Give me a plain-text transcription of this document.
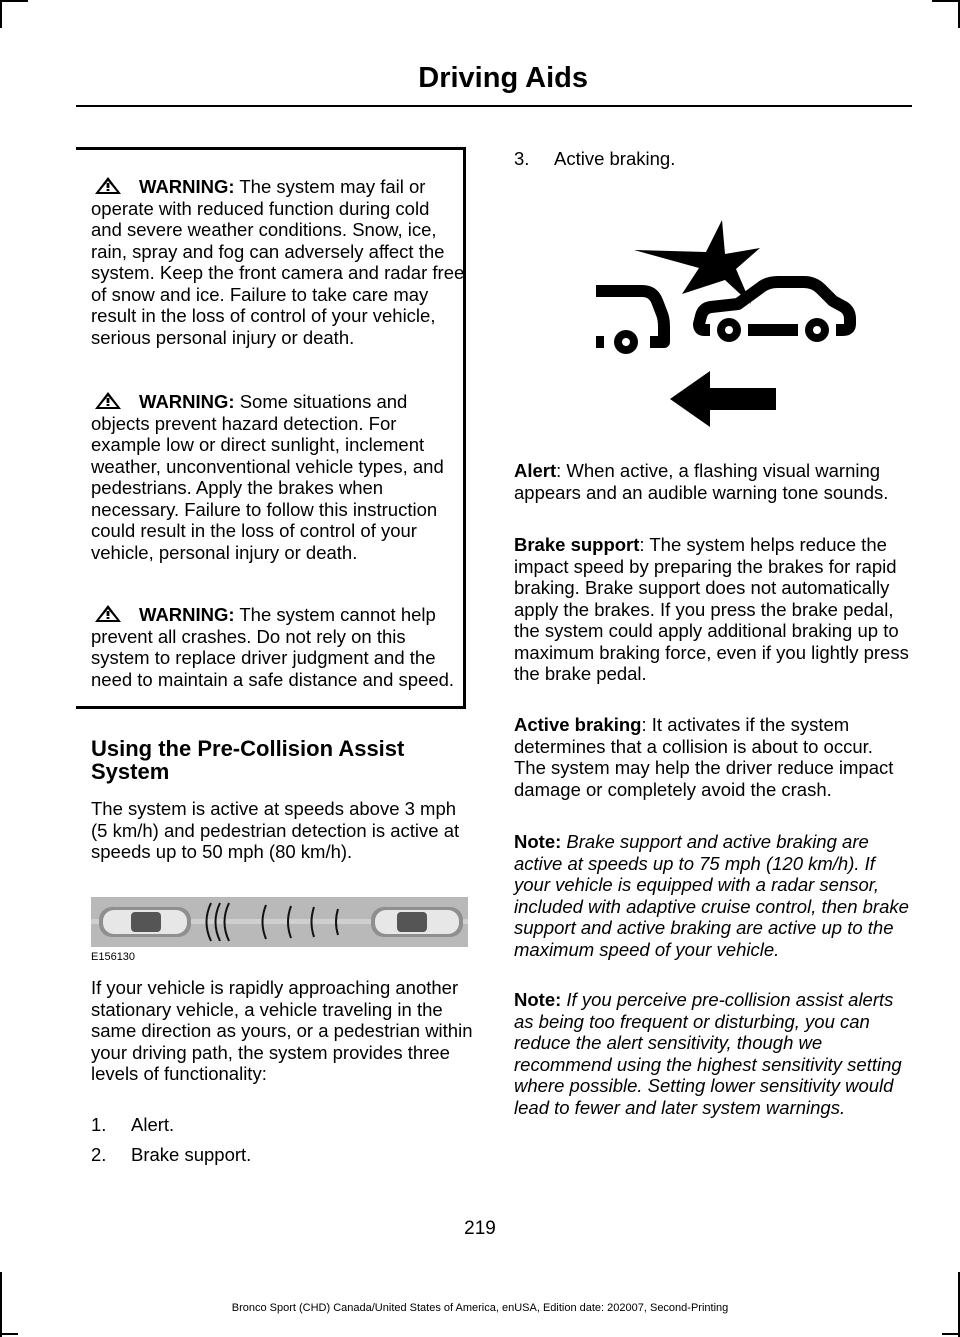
Driving Aids
WARNING: The system may fail or operate with reduced function during cold and severe weather conditions. Snow, ice, rain, spray and fog can adversely affect the system. Keep the front camera and radar free of snow and ice. Failure to take care may result in the loss of control of your vehicle, serious personal injury or death.
WARNING: Some situations and objects prevent hazard detection. For example low or direct sunlight, inclement weather, unconventional vehicle types, and pedestrians. Apply the brakes when necessary. Failure to follow this instruction could result in the loss of control of your vehicle, personal injury or death.
WARNING: The system cannot help prevent all crashes. Do not rely on this system to replace driver judgment and the need to maintain a safe distance and speed.
Using the Pre-Collision Assist System
The system is active at speeds above 3 mph (5 km/h) and pedestrian detection is active at speeds up to 50 mph (80 km/h).
E156130
If your vehicle is rapidly approaching another stationary vehicle, a vehicle traveling in the same direction as yours, or a pedestrian within your driving path, the system provides three levels of functionality:
1. Alert.
2. Brake support.
3. Active braking.
Alert: When active, a flashing visual warning appears and an audible warning tone sounds.
Brake support: The system helps reduce the impact speed by preparing the brakes for rapid braking. Brake support does not automatically apply the brakes. If you press the brake pedal, the system could apply additional braking up to maximum braking force, even if you lightly press the brake pedal.
Active braking: It activates if the system determines that a collision is about to occur. The system may help the driver reduce impact damage or completely avoid the crash.
Note: Brake support and active braking are active at speeds up to 75 mph (120 km/h). If your vehicle is equipped with a radar sensor, included with adaptive cruise control, then brake support and active braking are active up to the maximum speed of your vehicle.
Note: If you perceive pre-collision assist alerts as being too frequent or disturbing, you can reduce the alert sensitivity, though we recommend using the highest sensitivity setting where possible. Setting lower sensitivity would lead to fewer and later system warnings.
219
Bronco Sport (CHD) Canada/United States of America, enUSA, Edition date: 202007, Second-Printing
